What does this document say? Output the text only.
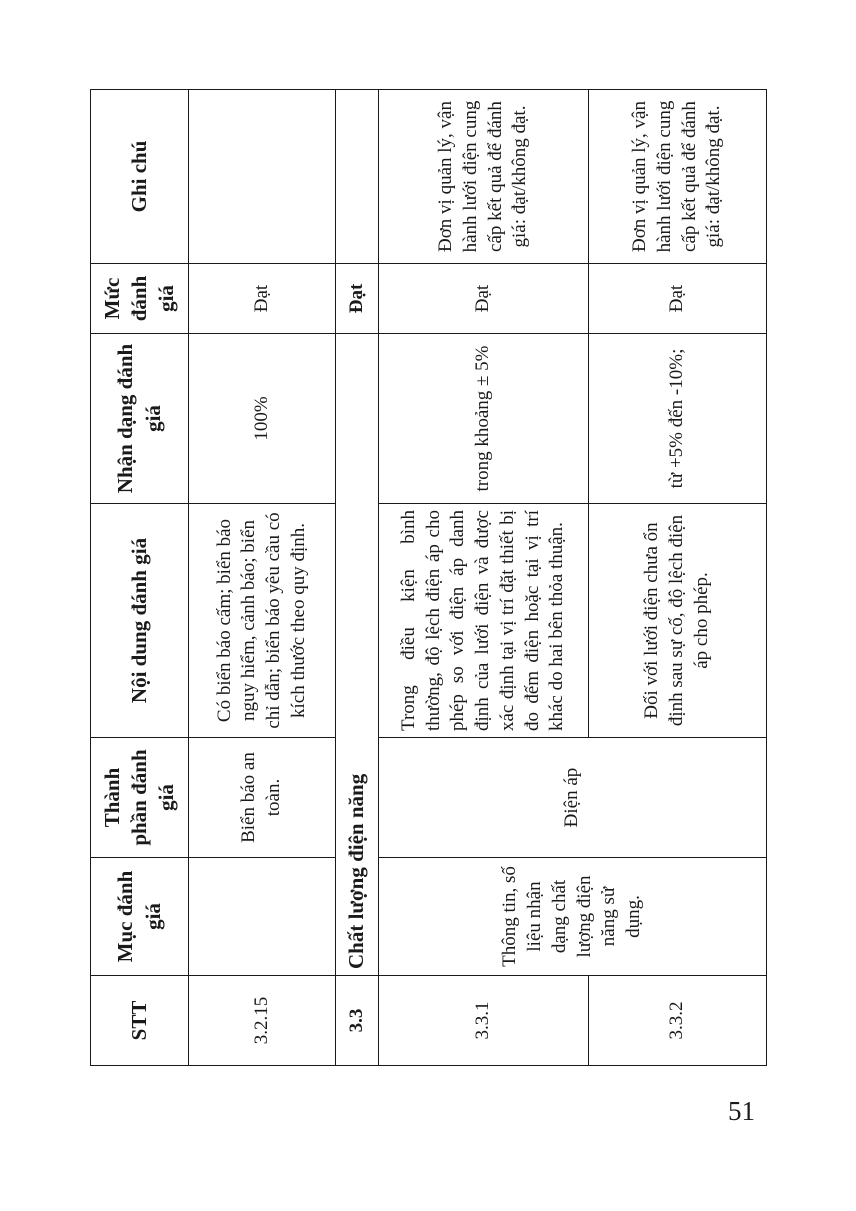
STT	Mục đánh giá	Thành phần đánh giá	Nội dung đánh giá	Nhận dạng đánh giá	Mức đánh giá	Ghi chú
3.2.15		Biển báo an toàn.	Có biển báo cấm; biển báo nguy hiểm, cảnh báo; biển chỉ dẫn; biển báo yêu cầu có kích thước theo quy định.	100%	Đạt	
3.3	Chất lượng điện năng				Đạt	
3.3.1	Thông tin, số liệu nhận dạng chất lượng điện năng sử dụng.	Điện áp	Trong điều kiện bình thường, độ lệch điện áp cho phép so với điện áp danh định của lưới điện và được xác định tại vị trí đặt thiết bị đo đếm điện hoặc tại vị trí khác do hai bên thỏa thuận.	trong khoảng ± 5%	Đạt	Đơn vị quản lý, vận hành lưới điện cung cấp kết quả để đánh giá: đạt/không đạt.
3.3.2			Đối với lưới điện chưa ổn định sau sự cố, độ lệch điện áp cho phép.	từ +5% đến -10%;	Đạt	Đơn vị quản lý, vận hành lưới điện cung cấp kết quả để đánh giá: đạt/không đạt.
51
